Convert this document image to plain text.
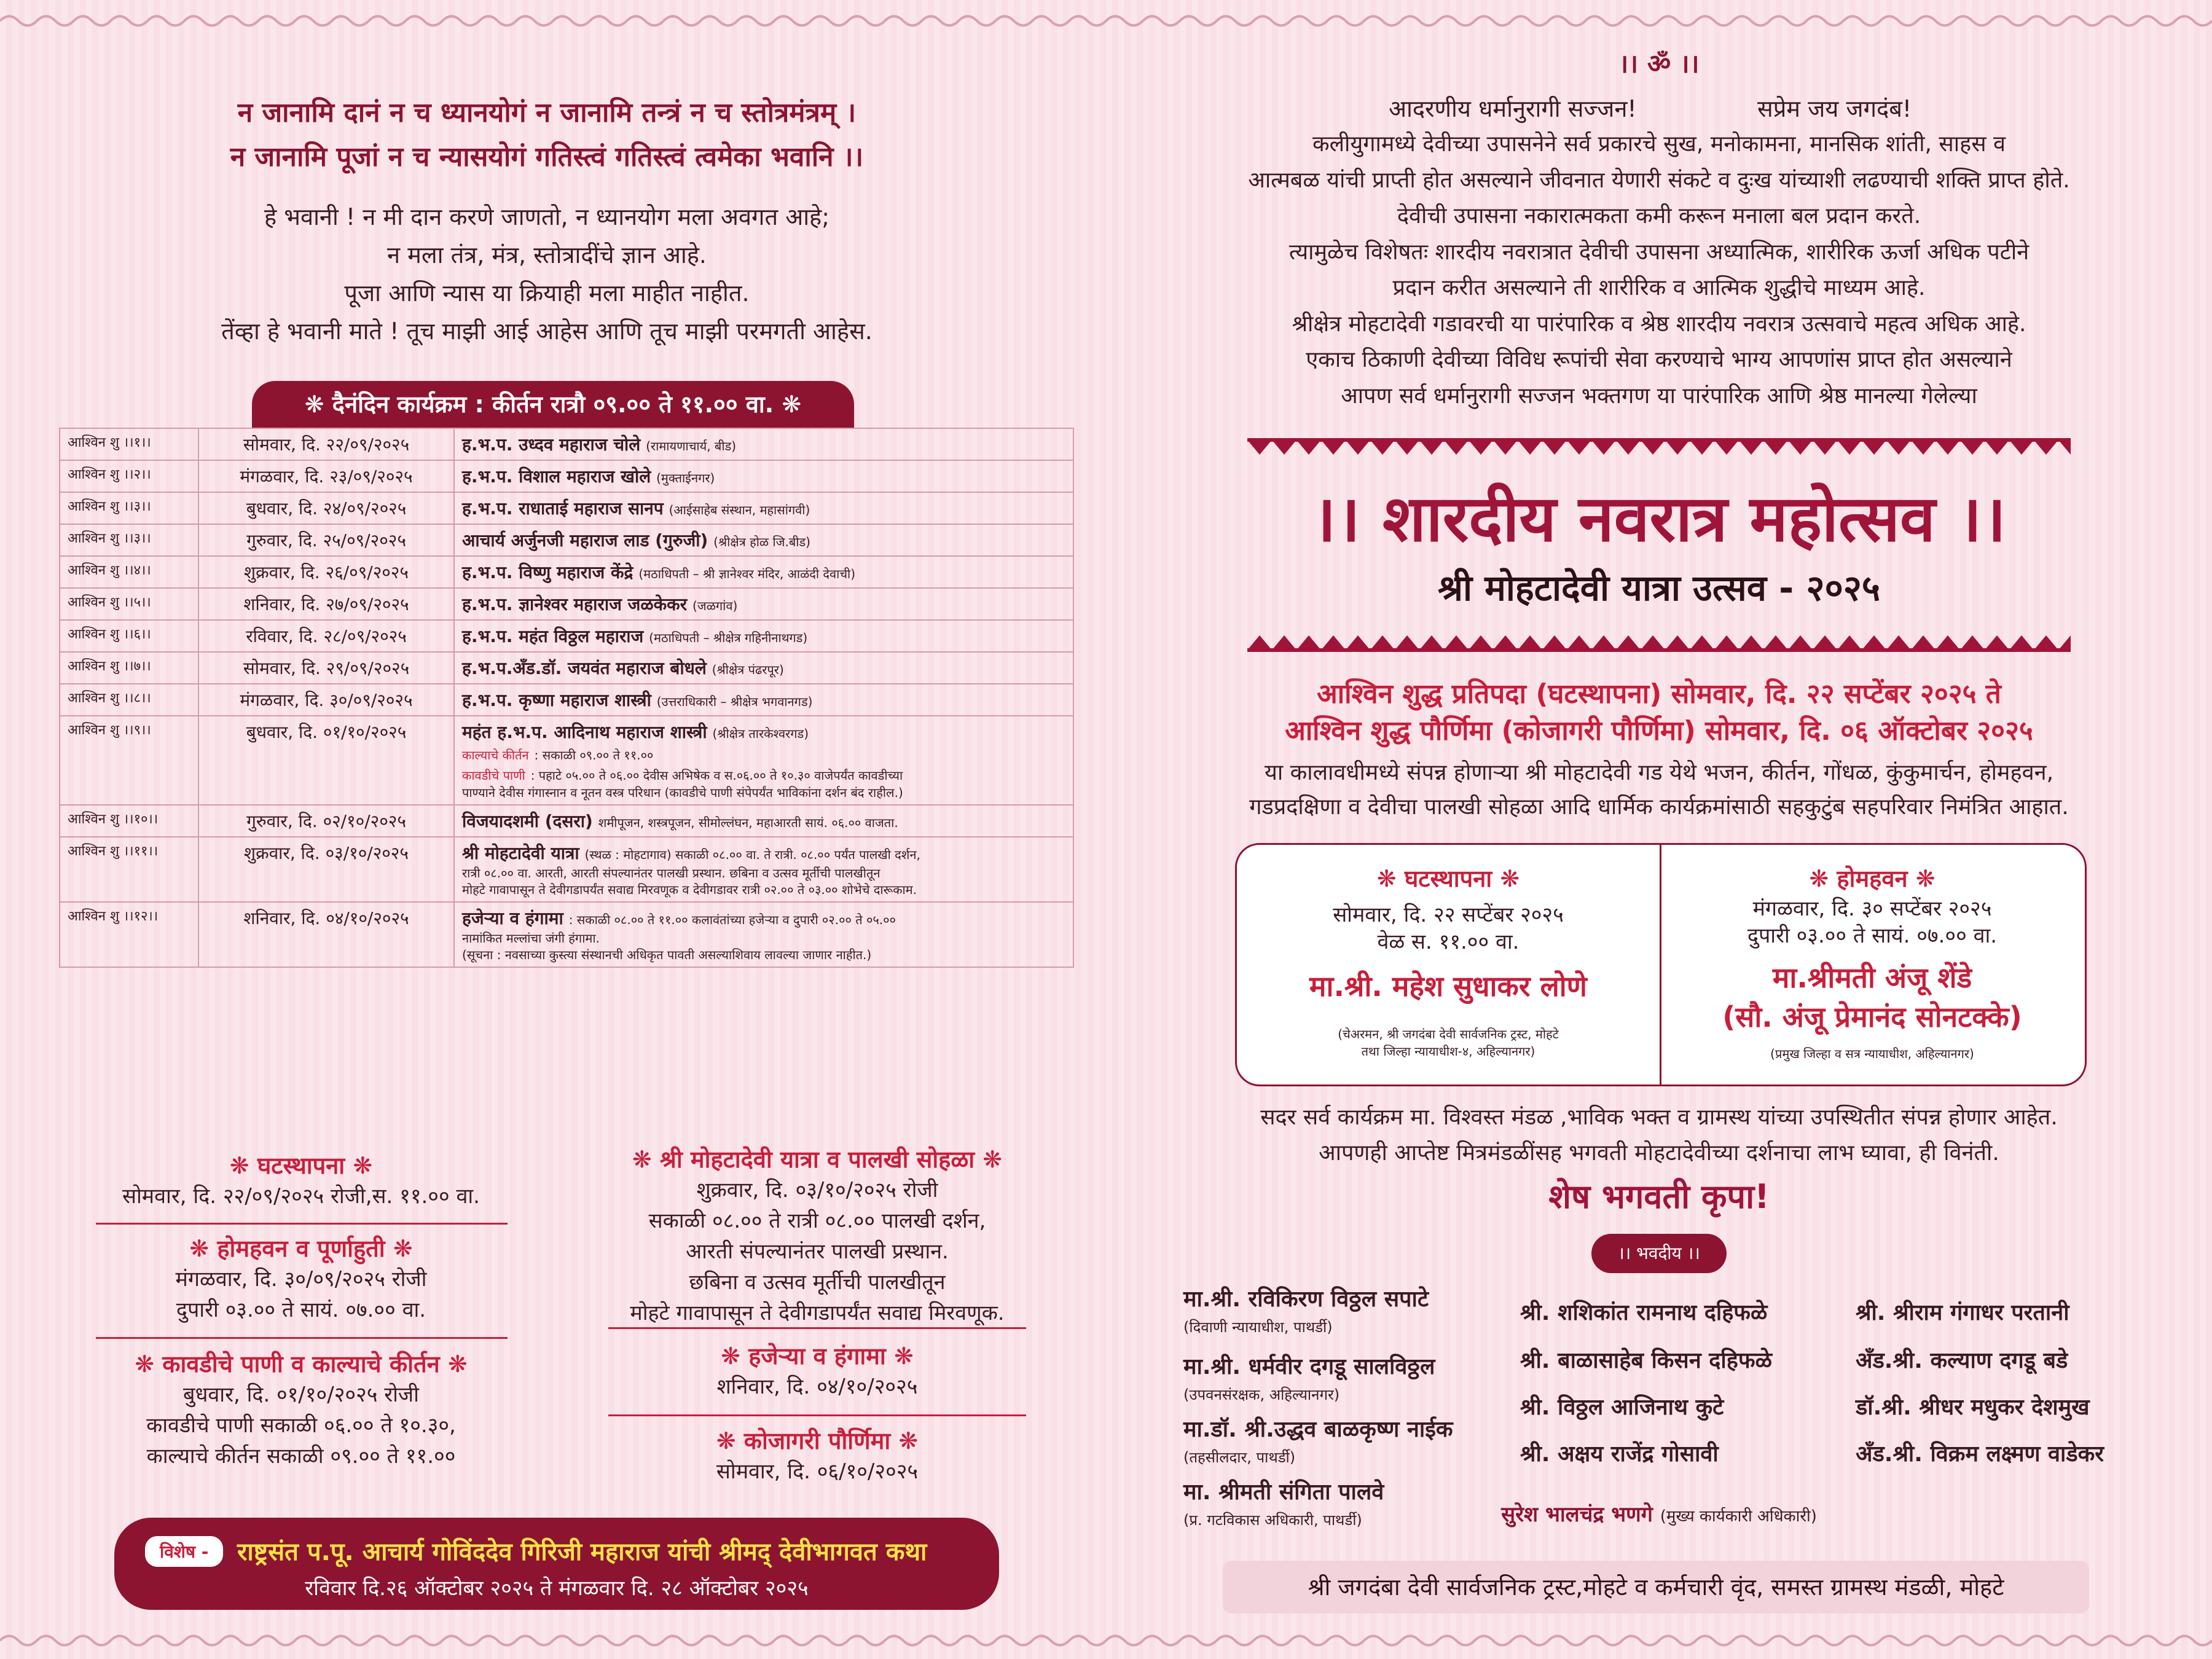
न जानामि दानं न च ध्यानयोगं न जानामि तन्त्रं न च स्तोत्रमंत्रम् ।
न जानामि पूजां न च न्यासयोगं गतिस्त्वं गतिस्त्वं त्वमेका भवानि ।।
हे भवानी ! न मी दान करणे जाणतो, न ध्यानयोग मला अवगत आहे;
न मला तंत्र, मंत्र, स्तोत्रादींचे ज्ञान आहे.
पूजा आणि न्यास या क्रियाही मला माहीत नाहीत.
तेंव्हा हे भवानी माते ! तूच माझी आई आहेस आणि तूच माझी परमगती आहेस.
❋ दैनंदिन कार्यक्रम : कीर्तन रात्रौ ०९.०० ते ११.०० वा. ❋
आश्विन शु ।।१।।	सोमवार, दि. २२/०९/२०२५	ह.भ.प. उध्दव महाराज चोले (रामायणाचार्य, बीड)
आश्विन शु ।।२।।	मंगळवार, दि. २३/०९/२०२५	ह.भ.प. विशाल महाराज खोले (मुक्ताईनगर)
आश्विन शु ।।३।।	बुधवार, दि. २४/०९/२०२५	ह.भ.प. राधाताई महाराज सानप (आईसाहेब संस्थान, महासांगवी)
आश्विन शु ।।३।।	गुरुवार, दि. २५/०९/२०२५	आचार्य अर्जुनजी महाराज लाड (गुरुजी) (श्रीक्षेत्र होळ जि.बीड)
आश्विन शु ।।४।।	शुक्रवार, दि. २६/०९/२०२५	ह.भ.प. विष्णु महाराज केंद्रे (मठाधिपती – श्री ज्ञानेश्वर मंदिर, आळंदी देवाची)
आश्विन शु ।।५।।	शनिवार, दि. २७/०९/२०२५	ह.भ.प. ज्ञानेश्वर महाराज जळकेकर (जळगांव)
आश्विन शु ।।६।।	रविवार, दि. २८/०९/२०२५	ह.भ.प. महंत विठ्ठल महाराज (मठाधिपती – श्रीक्षेत्र गहिनीनाथगड)
आश्विन शु ।।७।।	सोमवार, दि. २९/०९/२०२५	ह.भ.प.अँड.डॉ. जयवंत महाराज बोधले (श्रीक्षेत्र पंढरपूर)
आश्विन शु ।।८।।	मंगळवार, दि. ३०/०९/२०२५	ह.भ.प. कृष्णा महाराज शास्त्री (उत्तराधिकारी – श्रीक्षेत्र भगवानगड)
आश्विन शु ।।९।।	बुधवार, दि. ०१/१०/२०२५	महंत ह.भ.प. आदिनाथ महाराज शास्त्री (श्रीक्षेत्र तारकेश्वरगड)
काल्याचे कीर्तन : सकाळी ०९.०० ते ११.००
कावडीचे पाणी : पहाटे ०५.०० ते ०६.०० देवीस अभिषेक व स.०६.०० ते १०.३० वाजेपर्यंत कावडीच्या
पाण्याने देवीस गंगास्नान व नूतन वस्त्र परिधान (कावडीचे पाणी संपेपर्यंत भाविकांना दर्शन बंद राहील.)

आश्विन शु ।।१०।।	गुरुवार, दि. ०२/१०/२०२५	विजयादशमी (दसरा) शमीपूजन, शस्त्रपूजन, सीमोल्लंघन, महाआरती सायं. ०६.०० वाजता.
आश्विन शु ।।११।।	शुक्रवार, दि. ०३/१०/२०२५	श्री मोहटादेवी यात्रा (स्थळ : मोहटागाव) सकाळी ०८.०० वा. ते रात्री. ०८.०० पर्यंत पालखी दर्शन,
रात्री ०८.०० वा. आरती, आरती संपल्यानंतर पालखी प्रस्थान. छबिना व उत्सव मूर्तीची पालखीतून
मोहटे गावापासून ते देवीगडापर्यंत सवाद्य मिरवणूक व देवीगडावर रात्री ०२.०० ते ०३.०० शोभेचे दारूकाम.

आश्विन शु ।।१२।।	शनिवार, दि. ०४/१०/२०२५	हजेऱ्या व हंगामा : सकाळी ०८.०० ते ११.०० कलावंतांच्या हजेऱ्या व दुपारी ०२.०० ते ०५.००
नामांकित मल्लांचा जंगी हंगामा.
(सूचना : नवसाच्या कुस्त्या संस्थानची अधिकृत पावती असल्याशिवाय लावल्या जाणार नाहीत.)
❋ घटस्थापना ❋
सोमवार, दि. २२/०९/२०२५ रोजी,स. ११.०० वा.
❋ होमहवन व पूर्णाहुती ❋
मंगळवार, दि. ३०/०९/२०२५ रोजी
दुपारी ०३.०० ते सायं. ०७.०० वा.
❋ कावडीचे पाणी व काल्याचे कीर्तन ❋
बुधवार, दि. ०१/१०/२०२५ रोजी
कावडीचे पाणी सकाळी ०६.०० ते १०.३०,
काल्याचे कीर्तन सकाळी ०९.०० ते ११.००
❋ श्री मोहटादेवी यात्रा व पालखी सोहळा ❋
शुक्रवार, दि. ०३/१०/२०२५ रोजी
सकाळी ०८.०० ते रात्री ०८.०० पालखी दर्शन,
आरती संपल्यानंतर पालखी प्रस्थान.
छबिना व उत्सव मूर्तीची पालखीतून
मोहटे गावापासून ते देवीगडापर्यंत सवाद्य मिरवणूक.
❋ हजेऱ्या व हंगामा ❋
शनिवार, दि. ०४/१०/२०२५
❋ कोजागरी पौर्णिमा ❋
सोमवार, दि. ०६/१०/२०२५
विशेष -	राष्ट्रसंत प.पू. आचार्य गोविंददेव गिरिजी महाराज यांची श्रीमद् देवीभागवत कथा
रविवार दि.२६ ऑक्टोबर २०२५ ते मंगळवार दि. २८ ऑक्टोबर २०२५
।। ॐ ।।
आदरणीय धर्मानुरागी सज्जन!	सप्रेम जय जगदंब!
कलीयुगामध्ये देवीच्या उपासनेने सर्व प्रकारचे सुख, मनोकामना, मानसिक शांती, साहस व
आत्मबळ यांची प्राप्ती होत असल्याने जीवनात येणारी संकटे व दुःख यांच्याशी लढण्याची शक्ति प्राप्त होते.
देवीची उपासना नकारात्मकता कमी करून मनाला बल प्रदान करते.
त्यामुळेच विशेषतः शारदीय नवरात्रात देवीची उपासना अध्यात्मिक, शारीरिक ऊर्जा अधिक पटीने
प्रदान करीत असल्याने ती शारीरिक व आत्मिक शुद्धीचे माध्यम आहे.
श्रीक्षेत्र मोहटादेवी गडावरची या पारंपारिक व श्रेष्ठ शारदीय नवरात्र उत्सवाचे महत्व अधिक आहे.
एकाच ठिकाणी देवीच्या विविध रूपांची सेवा करण्याचे भाग्य आपणांस प्राप्त होत असल्याने
आपण सर्व धर्मानुरागी सज्जन भक्तगण या पारंपारिक आणि श्रेष्ठ मानल्या गेलेल्या
।। शारदीय नवरात्र महोत्सव ।।
श्री मोहटादेवी यात्रा उत्सव - २०२५
आश्विन शुद्ध प्रतिपदा (घटस्थापना) सोमवार, दि. २२ सप्टेंबर २०२५ ते
आश्विन शुद्ध पौर्णिमा (कोजागरी पौर्णिमा) सोमवार, दि. ०६ ऑक्टोबर २०२५
या कालावधीमध्ये संपन्न होणाऱ्या श्री मोहटादेवी गड येथे भजन, कीर्तन, गोंधळ, कुंकुमार्चन, होमहवन,
गडप्रदक्षिणा व देवीचा पालखी सोहळा आदि धार्मिक कार्यक्रमांसाठी सहकुटुंब सहपरिवार निमंत्रित आहात.
❋ घटस्थापना ❋
सोमवार, दि. २२ सप्टेंबर २०२५
वेळ स. ११.०० वा.
मा.श्री. महेश सुधाकर लोणे
(चेअरमन, श्री जगदंबा देवी सार्वजनिक ट्रस्ट, मोहटे
तथा जिल्हा न्यायाधीश-४, अहिल्यानगर)
❋ होमहवन ❋
मंगळवार, दि. ३० सप्टेंबर २०२५
दुपारी ०३.०० ते सायं. ०७.०० वा.
मा.श्रीमती अंजू शेंडे
(सौ. अंजू प्रेमानंद सोनटक्के)
(प्रमुख जिल्हा व सत्र न्यायाधीश, अहिल्यानगर)
सदर सर्व कार्यक्रम मा. विश्वस्त मंडळ ,भाविक भक्त व ग्रामस्थ यांच्या उपस्थितीत संपन्न होणार आहेत.
आपणही आप्तेष्ट मित्रमंडळींसह भगवती मोहटादेवीच्या दर्शनाचा लाभ घ्यावा, ही विनंती.
शेष भगवती कृपा!
।। भवदीय ।।
मा.श्री. रविकिरण विठ्ठल सपाटे
(दिवाणी न्यायाधीश, पाथर्डी)
मा.श्री. धर्मवीर दगडू सालविठ्ठल
(उपवनसंरक्षक, अहिल्यानगर)
मा.डॉ. श्री.उद्धव बाळकृष्ण नाईक
(तहसीलदार, पाथर्डी)
मा. श्रीमती संगिता पालवे
(प्र. गटविकास अधिकारी, पाथर्डी)
श्री. शशिकांत रामनाथ दहिफळे
श्री. बाळासाहेब किसन दहिफळे
श्री. विठ्ठल आजिनाथ कुटे
श्री. अक्षय राजेंद्र गोसावी
श्री. श्रीराम गंगाधर परतानी
अँड.श्री. कल्याण दगडू बडे
डॉ.श्री. श्रीधर मधुकर देशमुख
अँड.श्री. विक्रम लक्ष्मण वाडेकर
सुरेश भालचंद्र भणगे (मुख्य कार्यकारी अधिकारी)
श्री जगदंबा देवी सार्वजनिक ट्रस्ट,मोहटे व कर्मचारी वृंद, समस्त ग्रामस्थ मंडळी, मोहटे
